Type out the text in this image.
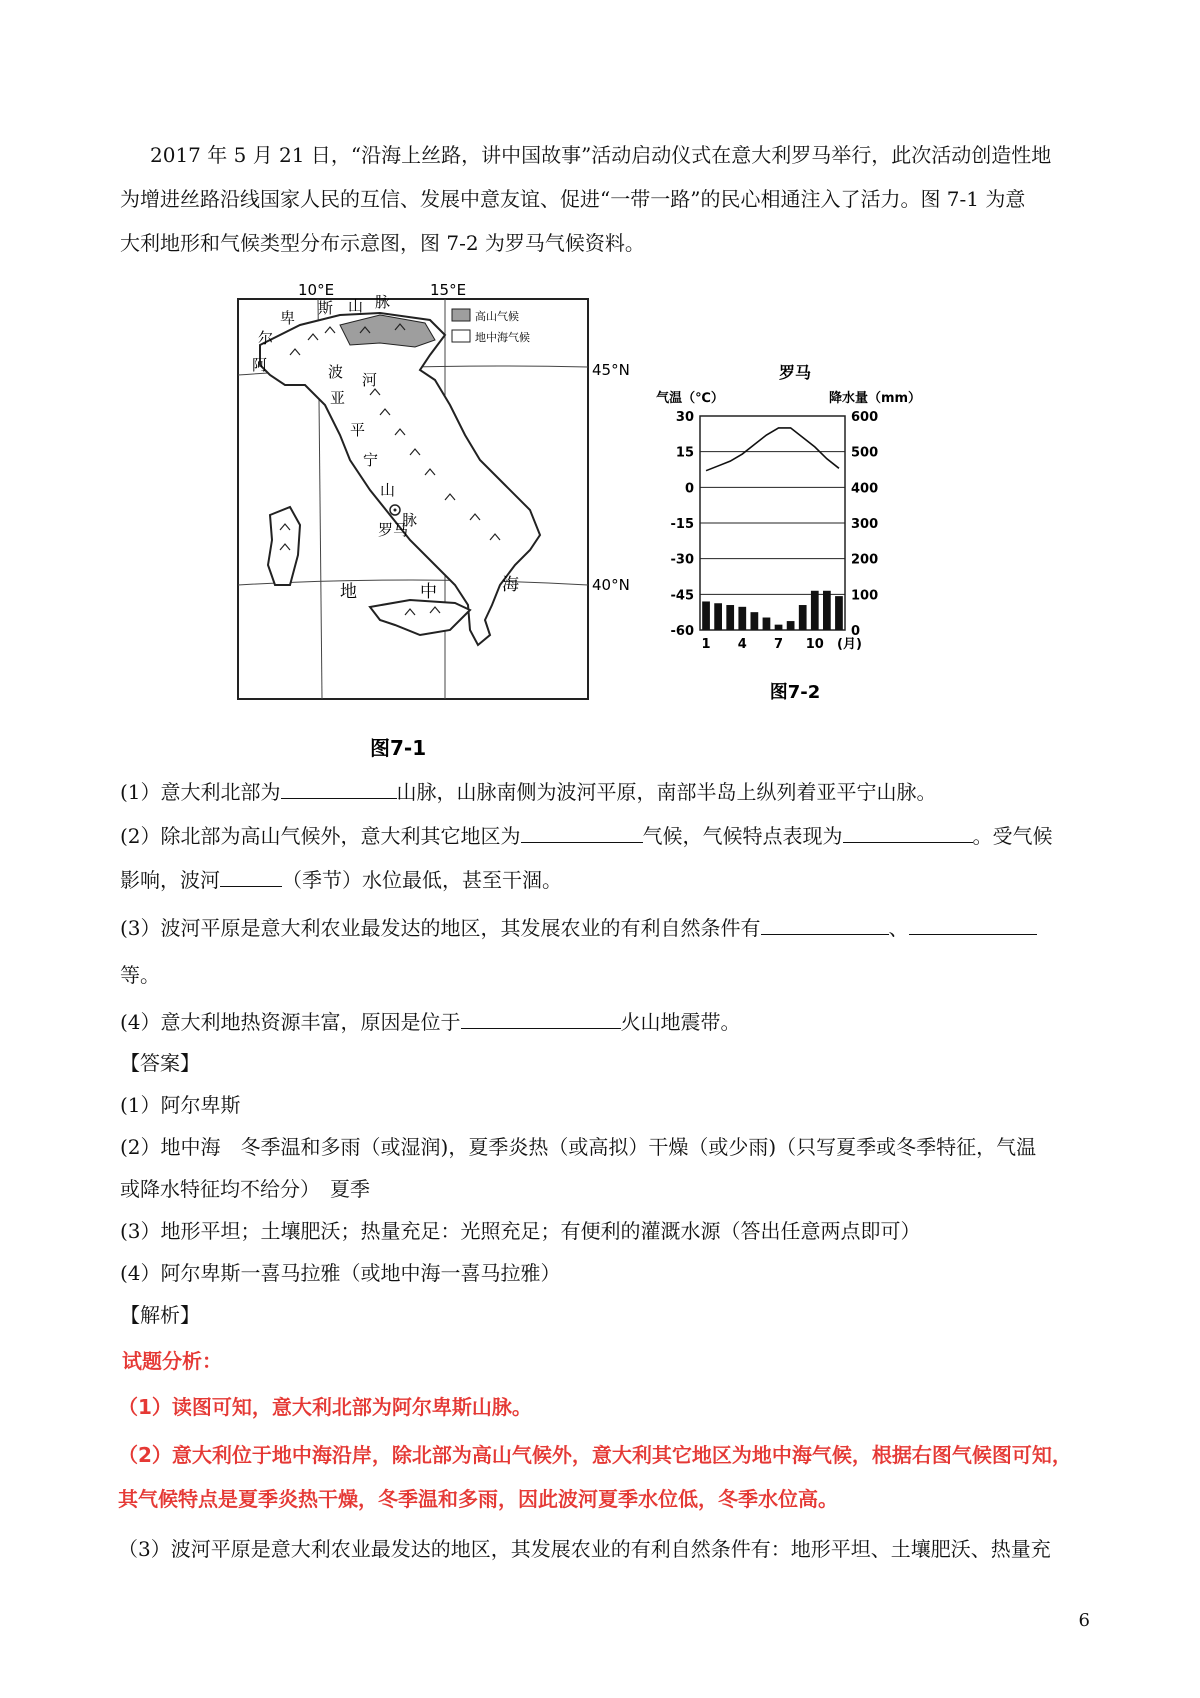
2017 年 5 月 21 日，“沿海上丝路，讲中国故事”活动启动仪式在意大利罗马举行，此次活动创造性地
为增进丝路沿线国家人民的互信、发展中意友谊、促进“一带一路”的民心相通注入了活力。图 7-1 为意
大利地形和气候类型分布示意图，图 7-2 为罗马气候资料。
10°E	15°E
45°N
40°N
高山气候
地中海气候
阿
尔
卑
斯 山 脉
波 河
亚
平
宁
山
脉
罗马
地	中	海
图7-1
罗马
气温（℃）	降水量（mm）
30
15
0
-15
-30
-45
-60
600
500
400
300
200
100
0
1 4 7 10 (月)
图7-2
(1）意大利北部为	山脉，山脉南侧为波河平原，南部半岛上纵列着亚平宁山脉。
(2）除北部为高山气候外，意大利其它地区为	气候，气候特点表现为	。受气候
影响，波河	（季节）水位最低，甚至干涸。
(3）波河平原是意大利农业最发达的地区，其发展农业的有利自然条件有	、
等。
(4）意大利地热资源丰富，原因是位于	火山地震带。
【答案】
(1）阿尔卑斯
(2）地中海　冬季温和多雨（或湿润)，夏季炎热（或高拟）干燥（或少雨)（只写夏季或冬季特征，气温
或降水特征均不给分）　夏季
(3）地形平坦；土壤肥沃；热量充足：光照充足；有便利的灌溉水源（答出任意两点即可）
(4）阿尔卑斯一喜马拉雅（或地中海一喜马拉雅）
【解析】
试题分析：
（1）读图可知，意大利北部为阿尔卑斯山脉。
（2）意大利位于地中海沿岸，除北部为高山气候外，意大利其它地区为地中海气候，根据右图气候图可知，
其气候特点是夏季炎热干燥，冬季温和多雨，因此波河夏季水位低，冬季水位高。
（3）波河平原是意大利农业最发达的地区，其发展农业的有利自然条件有：地形平坦、土壤肥沃、热量充
6
